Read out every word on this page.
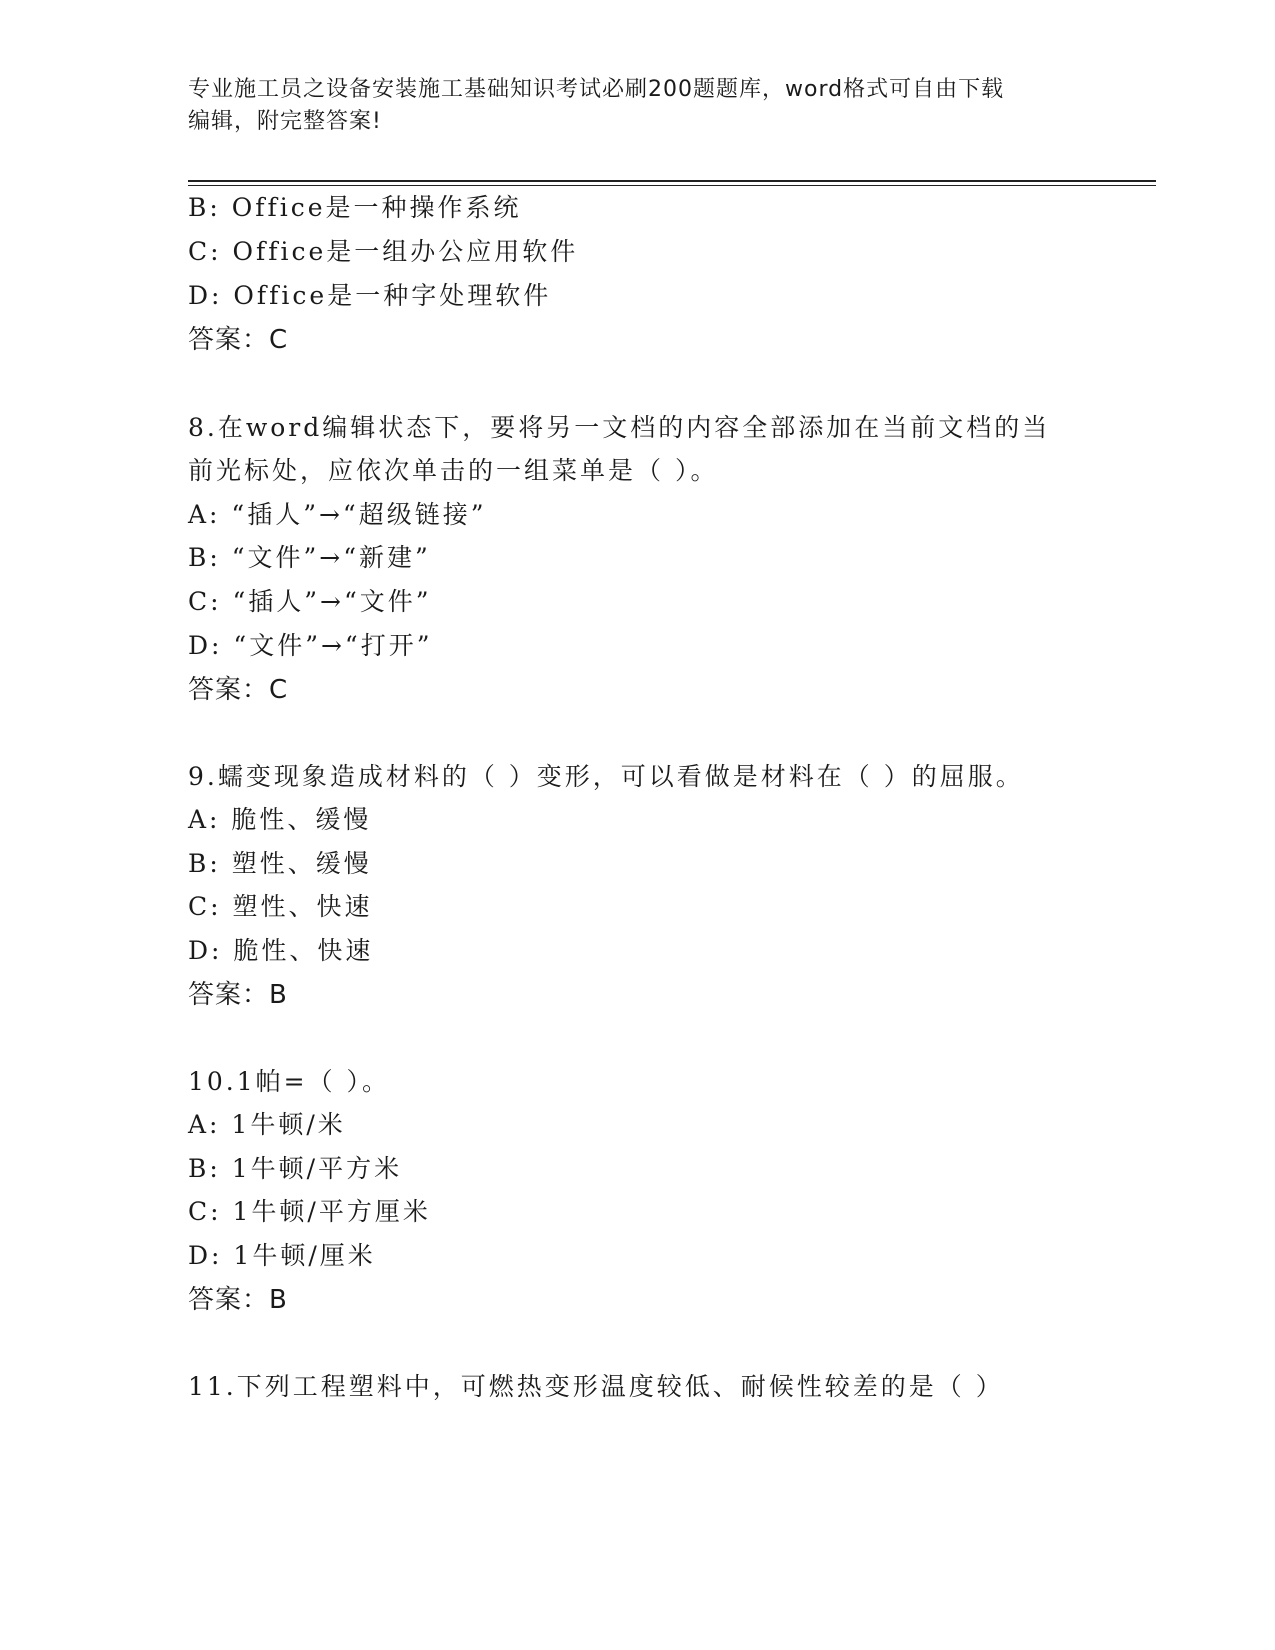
专业施工员之设备安装施工基础知识考试必刷200题题库，word格式可自由下载
编辑，附完整答案!
B: Office是一种操作系统
C: Office是一组办公应用软件
D: Office是一种字处理软件
答案：C
8.在word编辑状态下，要将另一文档的内容全部添加在当前文档的当
前光标处，应依次单击的一组菜单是（ ）。
A: “插人”→“超级链接”
B: “文件”→“新建”
C: “插人”→“文件”
D: “文件”→“打开”
答案：C
9.蠕变现象造成材料的（ ）变形，可以看做是材料在（ ）的屈服。
A: 脆性、缓慢
B: 塑性、缓慢
C: 塑性、快速
D: 脆性、快速
答案：B
10.1帕=（ ）。
A: 1牛顿/米
B: 1牛顿/平方米
C: 1牛顿/平方厘米
D: 1牛顿/厘米
答案：B
11.下列工程塑料中，可燃热变形温度较低、耐候性较差的是（ ）
